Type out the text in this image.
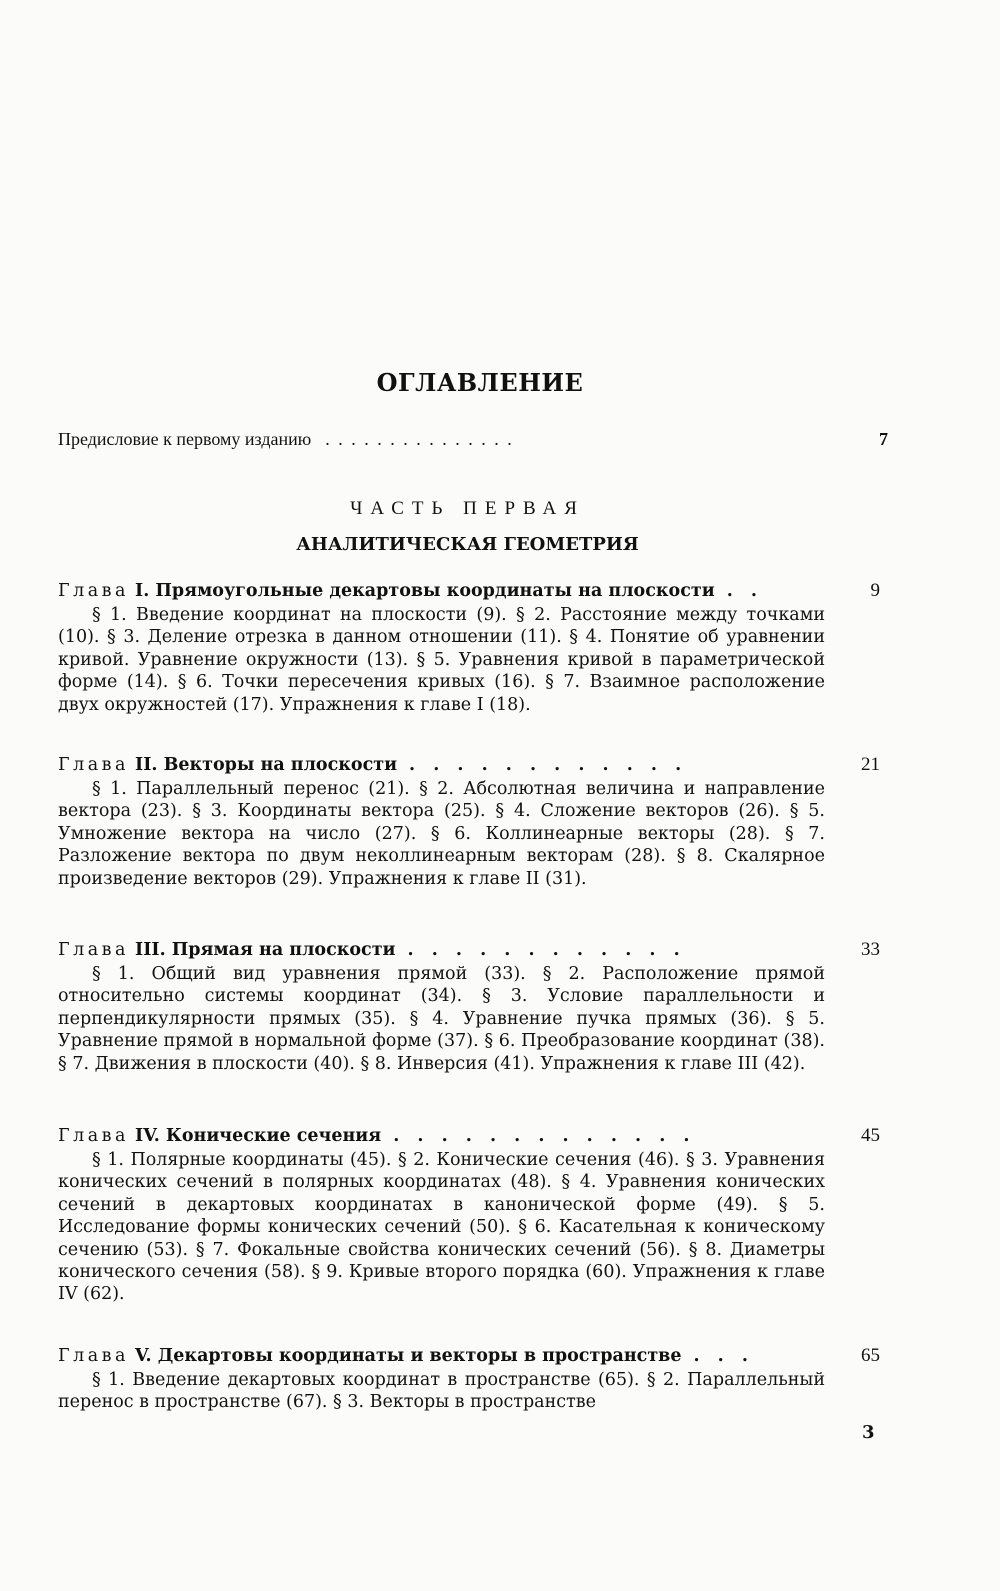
ОГЛАВЛЕНИЕ
Предисловие к первому изданию . . . . . . . . . . . . . . .	7
ЧАСТЬ ПЕРВАЯ
АНАЛИТИЧЕСКАЯ ГЕОМЕТРИЯ
Глава
I. Прямоугольные декартовы координаты на плоскости . .	9
§ 1. Введение координат на плоскости (9). § 2. Расстояние между точками (10). § 3. Деление отрезка в данном отношении (11). § 4. Понятие об уравнении кривой. Уравнение окружности (13). § 5. Уравнения кривой в параметрической форме (14). § 6. Точки пересечения кривых (16). § 7. Взаимное расположение двух окружностей (17). Упражнения к главе I (18).
Глава
II. Векторы на плоскости . . . . . . . . . . . .	21
§ 1. Параллельный перенос (21). § 2. Абсолютная величина и направление вектора (23). § 3. Координаты вектора (25). § 4. Сложение векторов (26). § 5. Умножение вектора на число (27). § 6. Коллинеарные векторы (28). § 7. Разложение вектора по двум неколлинеарным векторам (28). § 8. Скалярное произведение векторов (29). Упражнения к главе II (31).
Глава
III. Прямая на плоскости . . . . . . . . . . . .	33
§ 1. Общий вид уравнения прямой (33). § 2. Расположение прямой относительно системы координат (34). § 3. Условие параллельности и перпендикулярности прямых (35). § 4. Уравнение пучка прямых (36). § 5. Уравнение прямой в нормальной форме (37). § 6. Преобразование координат (38). § 7. Движения в плоскости (40). § 8. Инверсия (41). Упражнения к главе III (42).
Глава
IV. Конические сечения . . . . . . . . . . . . .	45
§ 1. Полярные координаты (45). § 2. Конические сечения (46). § 3. Уравнения конических сечений в полярных координатах (48). § 4. Уравнения конических сечений в декартовых координатах в канонической форме (49). § 5. Исследование формы конических сечений (50). § 6. Касательная к коническому сечению (53). § 7. Фокальные свойства конических сечений (56). § 8. Диаметры конического сечения (58). § 9. Кривые второго порядка (60). Упражнения к главе IV (62).
Глава
V. Декартовы координаты и векторы в пространстве . . .	65
§ 1. Введение декартовых координат в пространстве (65). § 2. Параллельный перенос в пространстве (67). § 3. Векторы в пространстве
3
